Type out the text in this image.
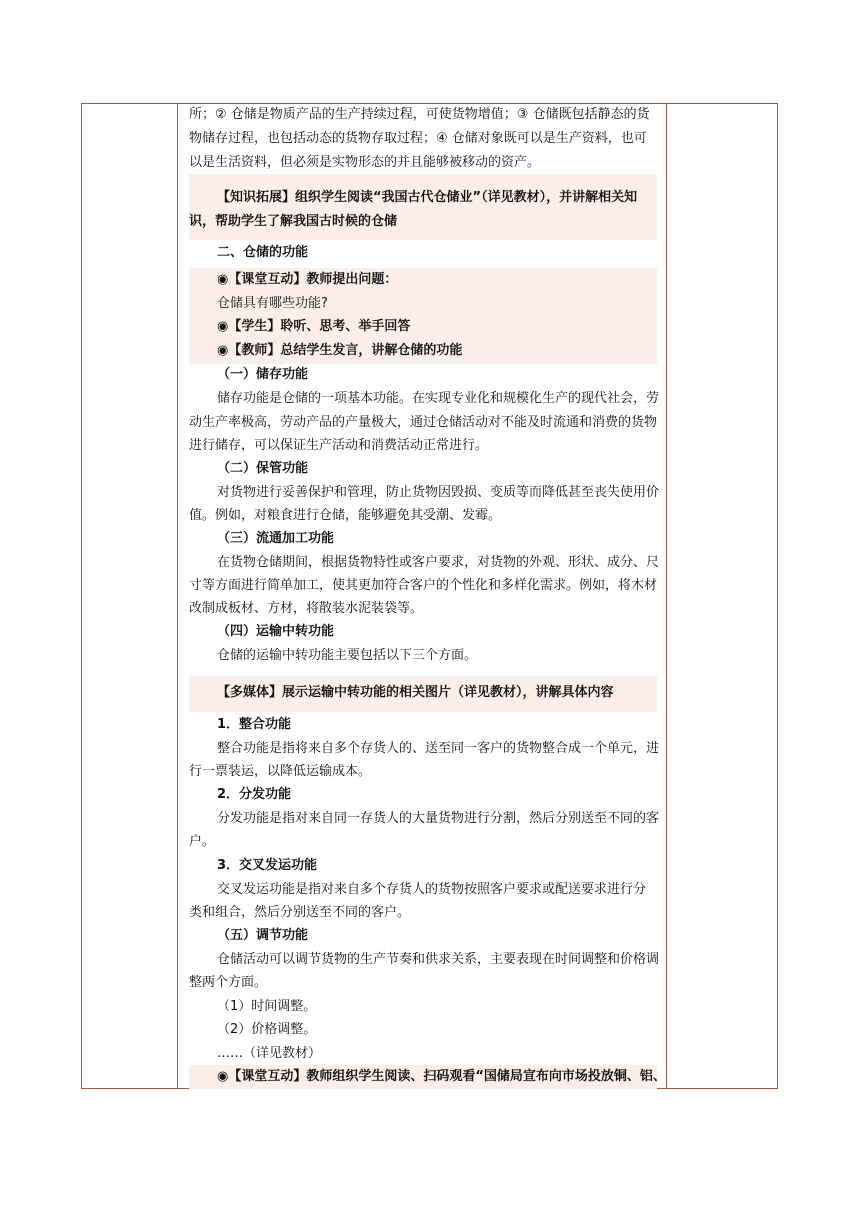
所；② 仓储是物质产品的生产持续过程，可使货物增值；③ 仓储既包括静态的货
物储存过程，也包括动态的货物存取过程；④ 仓储对象既可以是生产资料，也可
以是生活资料，但必须是实物形态的并且能够被移动的资产。
【知识拓展】组织学生阅读“我国古代仓储业”（详见教材），并讲解相关知
识，帮助学生了解我国古时候的仓储
二、仓储的功能
◉【课堂互动】教师提出问题：
仓储具有哪些功能?
◉【学生】聆听、思考、举手回答
◉【教师】总结学生发言，讲解仓储的功能
（一）储存功能
储存功能是仓储的一项基本功能。在实现专业化和规模化生产的现代社会，劳
动生产率极高，劳动产品的产量极大，通过仓储活动对不能及时流通和消费的货物
进行储存，可以保证生产活动和消费活动正常进行。
（二）保管功能
对货物进行妥善保护和管理，防止货物因毁损、变质等而降低甚至丧失使用价
值。例如，对粮食进行仓储，能够避免其受潮、发霉。
（三）流通加工功能
在货物仓储期间，根据货物特性或客户要求，对货物的外观、形状、成分、尺
寸等方面进行简单加工，使其更加符合客户的个性化和多样化需求。例如，将木材
改制成板材、方材，将散装水泥装袋等。
（四）运输中转功能
仓储的运输中转功能主要包括以下三个方面。
【多媒体】展示运输中转功能的相关图片（详见教材），讲解具体内容
1．整合功能
整合功能是指将来自多个存货人的、送至同一客户的货物整合成一个单元，进
行一票装运，以降低运输成本。
2．分发功能
分发功能是指对来自同一存货人的大量货物进行分割，然后分别送至不同的客
户。
3．交叉发运功能
交叉发运功能是指对来自多个存货人的货物按照客户要求或配送要求进行分
类和组合，然后分别送至不同的客户。
（五）调节功能
仓储活动可以调节货物的生产节奏和供求关系，主要表现在时间调整和价格调
整两个方面。
（1）时间调整。
（2）价格调整。
……（详见教材）
◉【课堂互动】教师组织学生阅读、扫码观看“国储局宣布向市场投放铜、铝、
